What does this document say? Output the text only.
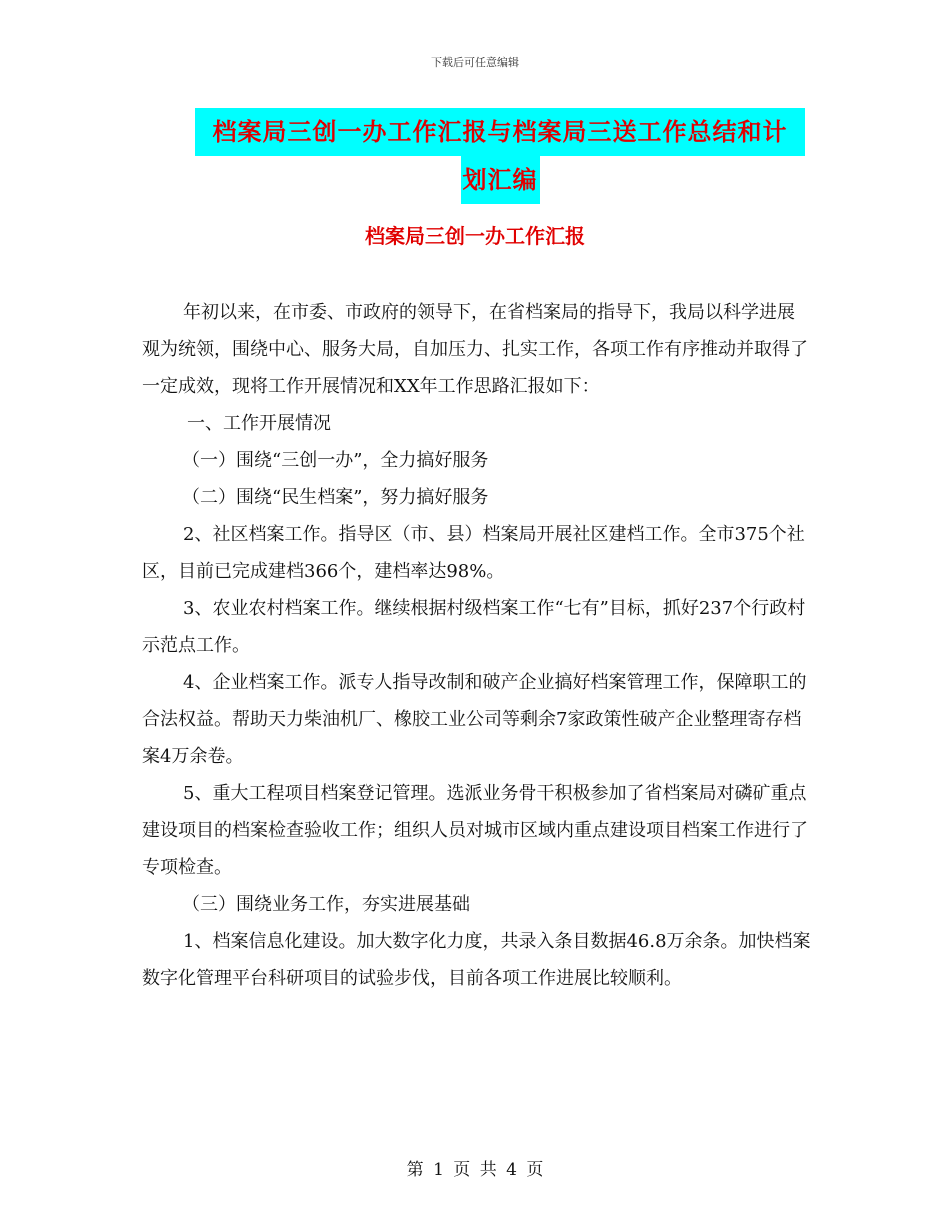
下载后可任意编辑
档案局三创一办工作汇报与档案局三送工作总结和计
划汇编
档案局三创一办工作汇报

年初以来，在市委、市政府的领导下，在省档案局的指导下，我局以科学进展观为统领，围绕中心、服务大局，自加压力、扎实工作，各项工作有序推动并取得了一定成效，现将工作开展情况和XX年工作思路汇报如下：

一、工作开展情况

（一）围绕“三创一办”，全力搞好服务

（二）围绕“民生档案”，努力搞好服务

2、社区档案工作。指导区（市、县）档案局开展社区建档工作。全市375个社区，目前已完成建档366个，建档率达98%。

3、农业农村档案工作。继续根据村级档案工作“七有”目标，抓好237个行政村示范点工作。

4、企业档案工作。派专人指导改制和破产企业搞好档案管理工作，保障职工的合法权益。帮助天力柴油机厂、橡胶工业公司等剩余7家政策性破产企业整理寄存档案4万余卷。

5、重大工程项目档案登记管理。选派业务骨干积极参加了省档案局对磷矿重点建设项目的档案检查验收工作；组织人员对城市区域内重点建设项目档案工作进行了专项检查。

（三）围绕业务工作，夯实进展基础

1、档案信息化建设。加大数字化力度，共录入条目数据46.8万余条。加快档案数字化管理平台科研项目的试验步伐，目前各项工作进展比较顺利。

第 1 页 共 4 页
